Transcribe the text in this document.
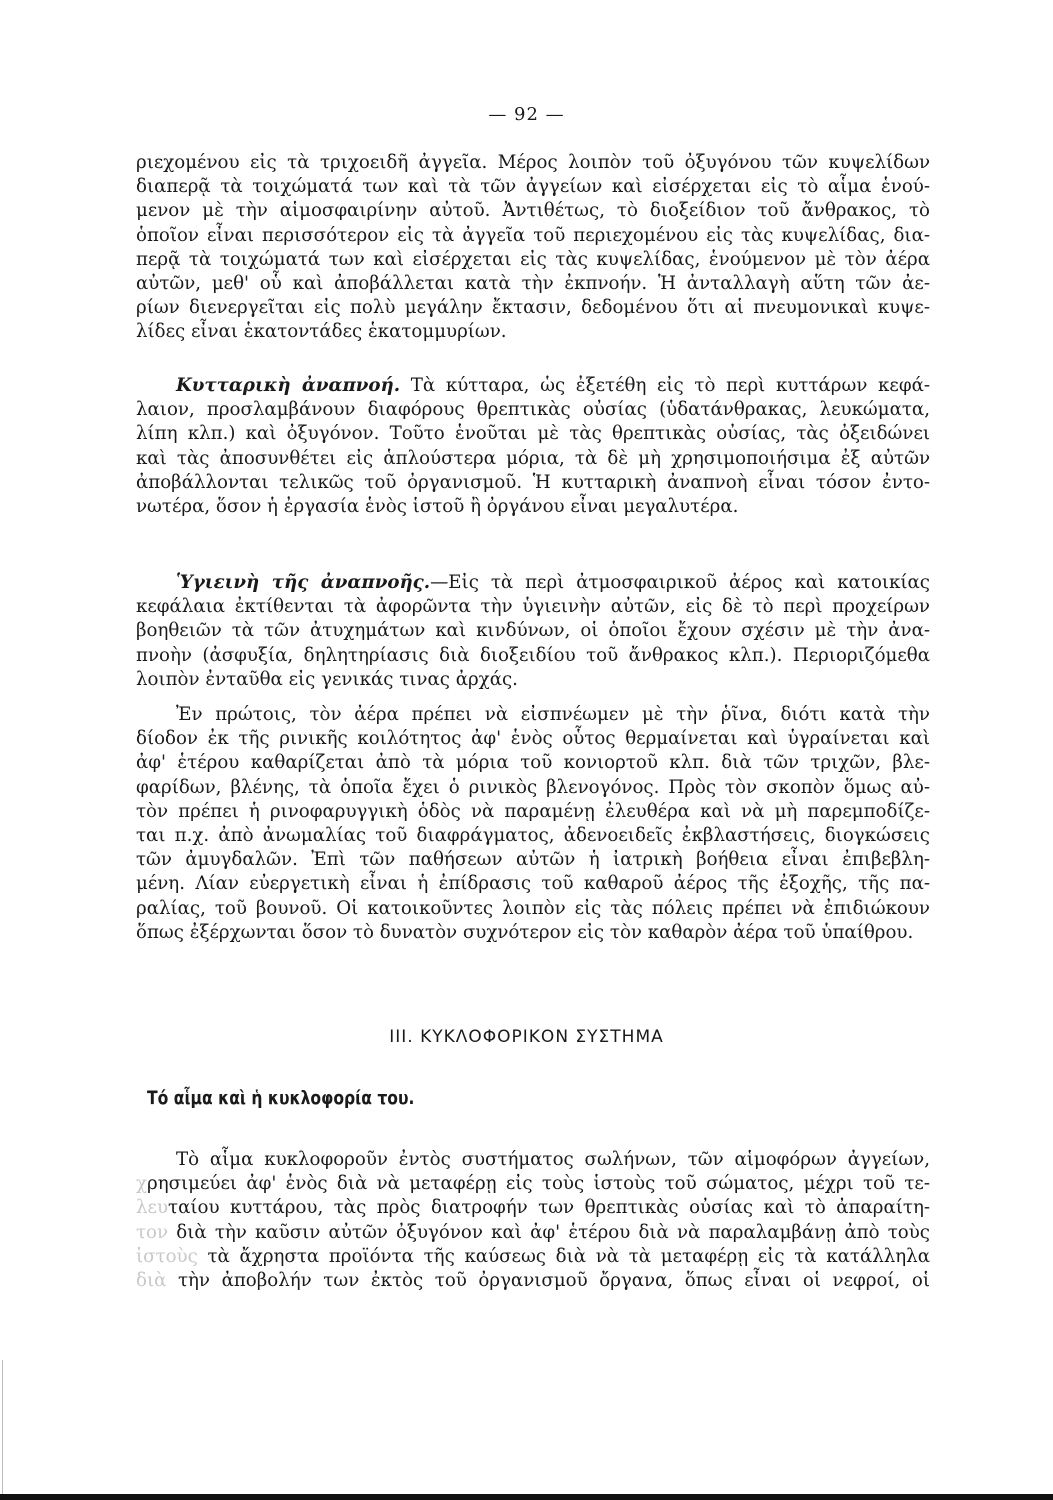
— 92 —
ριεχομένου εἰς τὰ τριχοειδῆ ἀγγεῖα. Μέρος λοιπὸν τοῦ ὀξυγόνου τῶν κυψελίδων
διαπερᾷ τὰ τοιχώματά των καὶ τὰ τῶν ἀγγείων καὶ εἰσέρχεται εἰς τὸ αἷμα ἑνού-
μενον μὲ τὴν αἱμοσφαιρίνην αὐτοῦ. Ἀντιθέτως, τὸ διοξείδιον τοῦ ἄνθρακος, τὸ
ὁποῖον εἶναι περισσότερον εἰς τὰ ἀγγεῖα τοῦ περιεχομένου εἰς τὰς κυψελίδας, δια-
περᾷ τὰ τοιχώματά των καὶ εἰσέρχεται εἰς τὰς κυψελίδας, ἑνούμενον μὲ τὸν ἀέρα
αὐτῶν, μεθ' οὗ καὶ ἀποβάλλεται κατὰ τὴν ἐκπνοήν. Ἡ ἀνταλλαγὴ αὕτη τῶν ἀε-
ρίων διενεργεῖται εἰς πολὺ μεγάλην ἔκτασιν, δεδομένου ὅτι αἱ πνευμονικαὶ κυψε-
λίδες εἶναι ἑκατοντάδες ἑκατομμυρίων.
Κυτταρικὴ ἀναπνοή. Τὰ κύτταρα, ὡς ἐξετέθη εἰς τὸ περὶ κυττάρων κεφά-
λαιον, προσλαμβάνουν διαφόρους θρεπτικὰς οὐσίας (ὑδατάνθρακας, λευκώματα,
λίπη κλπ.) καὶ ὀξυγόνον. Τοῦτο ἑνοῦται μὲ τὰς θρεπτικὰς οὐσίας, τὰς ὀξειδώνει
καὶ τὰς ἀποσυνθέτει εἰς ἁπλούστερα μόρια, τὰ δὲ μὴ χρησιμοποιήσιμα ἐξ αὐτῶν
ἀποβάλλονται τελικῶς τοῦ ὀργανισμοῦ. Ἡ κυτταρικὴ ἀναπνοὴ εἶναι τόσον ἐντο-
νωτέρα, ὅσον ἡ ἐργασία ἑνὸς ἱστοῦ ἢ ὀργάνου εἶναι μεγαλυτέρα.
Ὑγιεινὴ τῆς ἀναπνοῆς.—Εἰς τὰ περὶ ἀτμοσφαιρικοῦ ἀέρος καὶ κατοικίας
κεφάλαια ἐκτίθενται τὰ ἀφορῶντα τὴν ὑγιεινὴν αὐτῶν, εἰς δὲ τὸ περὶ προχείρων
βοηθειῶν τὰ τῶν ἀτυχημάτων καὶ κινδύνων, οἱ ὁποῖοι ἔχουν σχέσιν μὲ τὴν ἀνα-
πνοὴν (ἀσφυξία, δηλητηρίασις διὰ διοξειδίου τοῦ ἄνθρακος κλπ.). Περιοριζόμεθα
λοιπὸν ἐνταῦθα εἰς γενικάς τινας ἀρχάς.
Ἐν πρώτοις, τὸν ἀέρα πρέπει νὰ εἰσπνέωμεν μὲ τὴν ῥῖνα, διότι κατὰ τὴν
δίοδον ἐκ τῆς ρινικῆς κοιλότητος ἀφ' ἑνὸς οὗτος θερμαίνεται καὶ ὑγραίνεται καὶ
ἀφ' ἑτέρου καθαρίζεται ἀπὸ τὰ μόρια τοῦ κονιορτοῦ κλπ. διὰ τῶν τριχῶν, βλε-
φαρίδων, βλένης, τὰ ὁποῖα ἔχει ὁ ρινικὸς βλενογόνος. Πρὸς τὸν σκοπὸν ὅμως αὐ-
τὸν πρέπει ἡ ρινοφαρυγγικὴ ὁδὸς νὰ παραμένῃ ἐλευθέρα καὶ νὰ μὴ παρεμποδίζε-
ται π.χ. ἀπὸ ἀνωμαλίας τοῦ διαφράγματος, ἀδενοειδεῖς ἐκβλαστήσεις, διογκώσεις
τῶν ἀμυγδαλῶν. Ἐπὶ τῶν παθήσεων αὐτῶν ἡ ἰατρικὴ βοήθεια εἶναι ἐπιβεβλη-
μένη. Λίαν εὐεργετικὴ εἶναι ἡ ἐπίδρασις τοῦ καθαροῦ ἀέρος τῆς ἐξοχῆς, τῆς πα-
ραλίας, τοῦ βουνοῦ. Οἱ κατοικοῦντες λοιπὸν εἰς τὰς πόλεις πρέπει νὰ ἐπιδιώκουν
ὅπως ἐξέρχωνται ὅσον τὸ δυνατὸν συχνότερον εἰς τὸν καθαρὸν ἀέρα τοῦ ὑπαίθρου.
III. ΚΥΚΛΟΦΟΡΙΚΟΝ ΣΥΣΤΗΜΑ
Τό αἷμα καὶ ἡ κυκλοφορία του.
Τὸ αἷμα κυκλοφοροῦν ἐντὸς συστήματος σωλήνων, τῶν αἱμοφόρων ἀγγείων,
χρησιμεύει ἀφ' ἑνὸς διὰ νὰ μεταφέρῃ εἰς τοὺς ἱστοὺς τοῦ σώματος, μέχρι τοῦ τε-
λευταίου κυττάρου, τὰς πρὸς διατροφήν των θρεπτικὰς οὐσίας καὶ τὸ ἀπαραίτη-
τον διὰ τὴν καῦσιν αὐτῶν ὀξυγόνον καὶ ἀφ' ἑτέρου διὰ νὰ παραλαμβάνῃ ἀπὸ τοὺς
ἱστοὺς τὰ ἄχρηστα προϊόντα τῆς καύσεως διὰ νὰ τὰ μεταφέρῃ εἰς τὰ κατάλληλα
διὰ τὴν ἀποβολήν των ἐκτὸς τοῦ ὀργανισμοῦ ὄργανα, ὅπως εἶναι οἱ νεφροί, οἱ
